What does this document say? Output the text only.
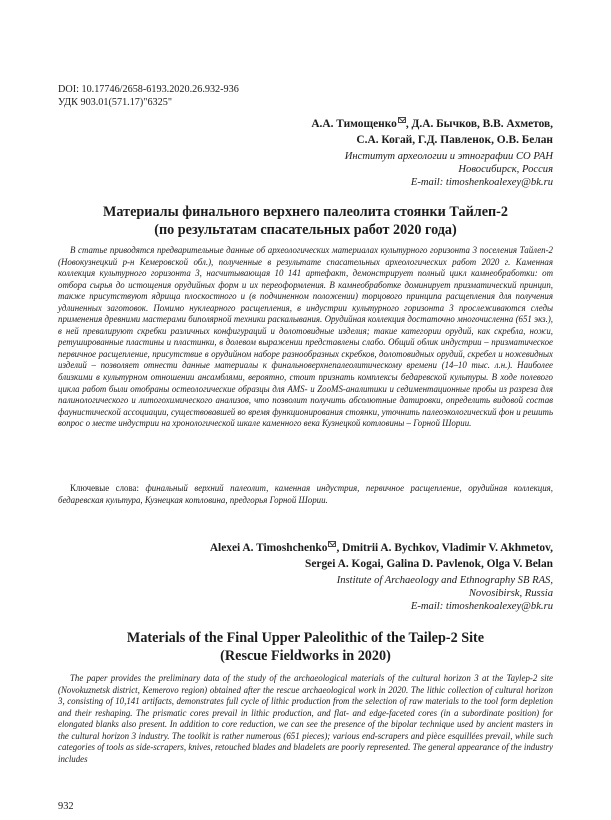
DOI: 10.17746/2658-6193.2020.26.932-936
УДК 903.01(571.17)"6325"
А.А. Тимощенко , Д.А. Бычков, В.В. Ахметов,
С.А. Когай, Г.Д. Павленок, О.В. Белан
Институт археологии и этнографии СО РАН
Новосибирск, Россия
E-mail: timoshenkoalexey@bk.ru
Материалы финального верхнего палеолита стоянки Тайлеп-2
(по результатам спасательных работ 2020 года)
В статье приводятся предварительные данные об археологических материалах культурного горизонта 3 поселения Тайлеп-2 (Новокузнецкий р-н Кемеровской обл.), полученные в результате спасательных археологических работ 2020 г. Каменная коллекция культурного горизонта 3, насчитывающая 10 141 артефакт, демонстрирует полный цикл камнеобработки: от отбора сырья до истощения орудийных форм и их переоформления. В камнеобработке доминирует призматический принцип, также присутствуют ядрища плоскостного и (в подчиненном положении) торцового принципа расщепления для получения удлиненных заготовок. Помимо нуклеарного расщепления, в индустрии культурного горизонта 3 прослеживаются следы применения древними мастерами биполярной техники раскалывания. Орудийная коллекция достаточно многочисленна (651 экз.), в ней превалируют скребки различных конфигураций и долотовидные изделия; такие категории орудий, как скребла, ножи, ретушированные пластины и пластинки, в долевом выражении представлены слабо. Общий облик индустрии – призматическое первичное расщепление, присутствие в орудийном наборе разнообразных скребков, долотовидных орудий, скребел и ножевидных изделий – позволяет отнести данные материалы к финальноверхнепалеолитическому времени (14–10 тыс. л.н.). Наиболее близкими в культурном отношении ансамблями, вероятно, стоит признать комплексы бедаревской культуры. В ходе полевого цикла работ были отобраны остеологические образцы для AMS- и ZooMS-аналитики и седиментационные пробы из разреза для палинологического и литогохимического анализов, что позволит получить абсолютные датировки, определить видовой состав фаунистической ассоциации, существовавшей во время функционирования стоянки, уточнить палеоэкологический фон и решить вопрос о месте индустрии на хронологической шкале каменного века Кузнецкой котловины – Горной Шории.
Ключевые слова: финальный верхний палеолит, каменная индустрия, первичное расщепление, орудийная коллекция, бедаревская культура, Кузнецкая котловина, предгорья Горной Шории.
Alexei A. Timoshchenko , Dmitrii A. Bychkov, Vladimir V. Akhmetov,
Sergei A. Kogai, Galina D. Pavlenok, Olga V. Belan
Institute of Archaeology and Ethnography SB RAS,
Novosibirsk, Russia
E-mail: timoshenkoalexey@bk.ru
Materials of the Final Upper Paleolithic of the Tailep-2 Site
(Rescue Fieldworks in 2020)
The paper provides the preliminary data of the study of the archaeological materials of the cultural horizon 3 at the Taylep-2 site (Novokuznetsk district, Kemerovo region) obtained after the rescue archaeological work in 2020. The lithic collection of cultural horizon 3, consisting of 10,141 artifacts, demonstrates full cycle of lithic production from the selection of raw materials to the tool form depletion and their reshaping. The prismatic cores prevail in lithic production, and flat- and edge-faceted cores (in a subordinate position) for elongated blanks also present. In addition to core reduction, we can see the presence of the bipolar technique used by ancient masters in the cultural horizon 3 industry. The toolkit is rather numerous (651 pieces); various end-scrapers and pièce esquillées prevail, while such categories of tools as side-scrapers, knives, retouched blades and bladelets are poorly represented. The general appearance of the industry includes
932
